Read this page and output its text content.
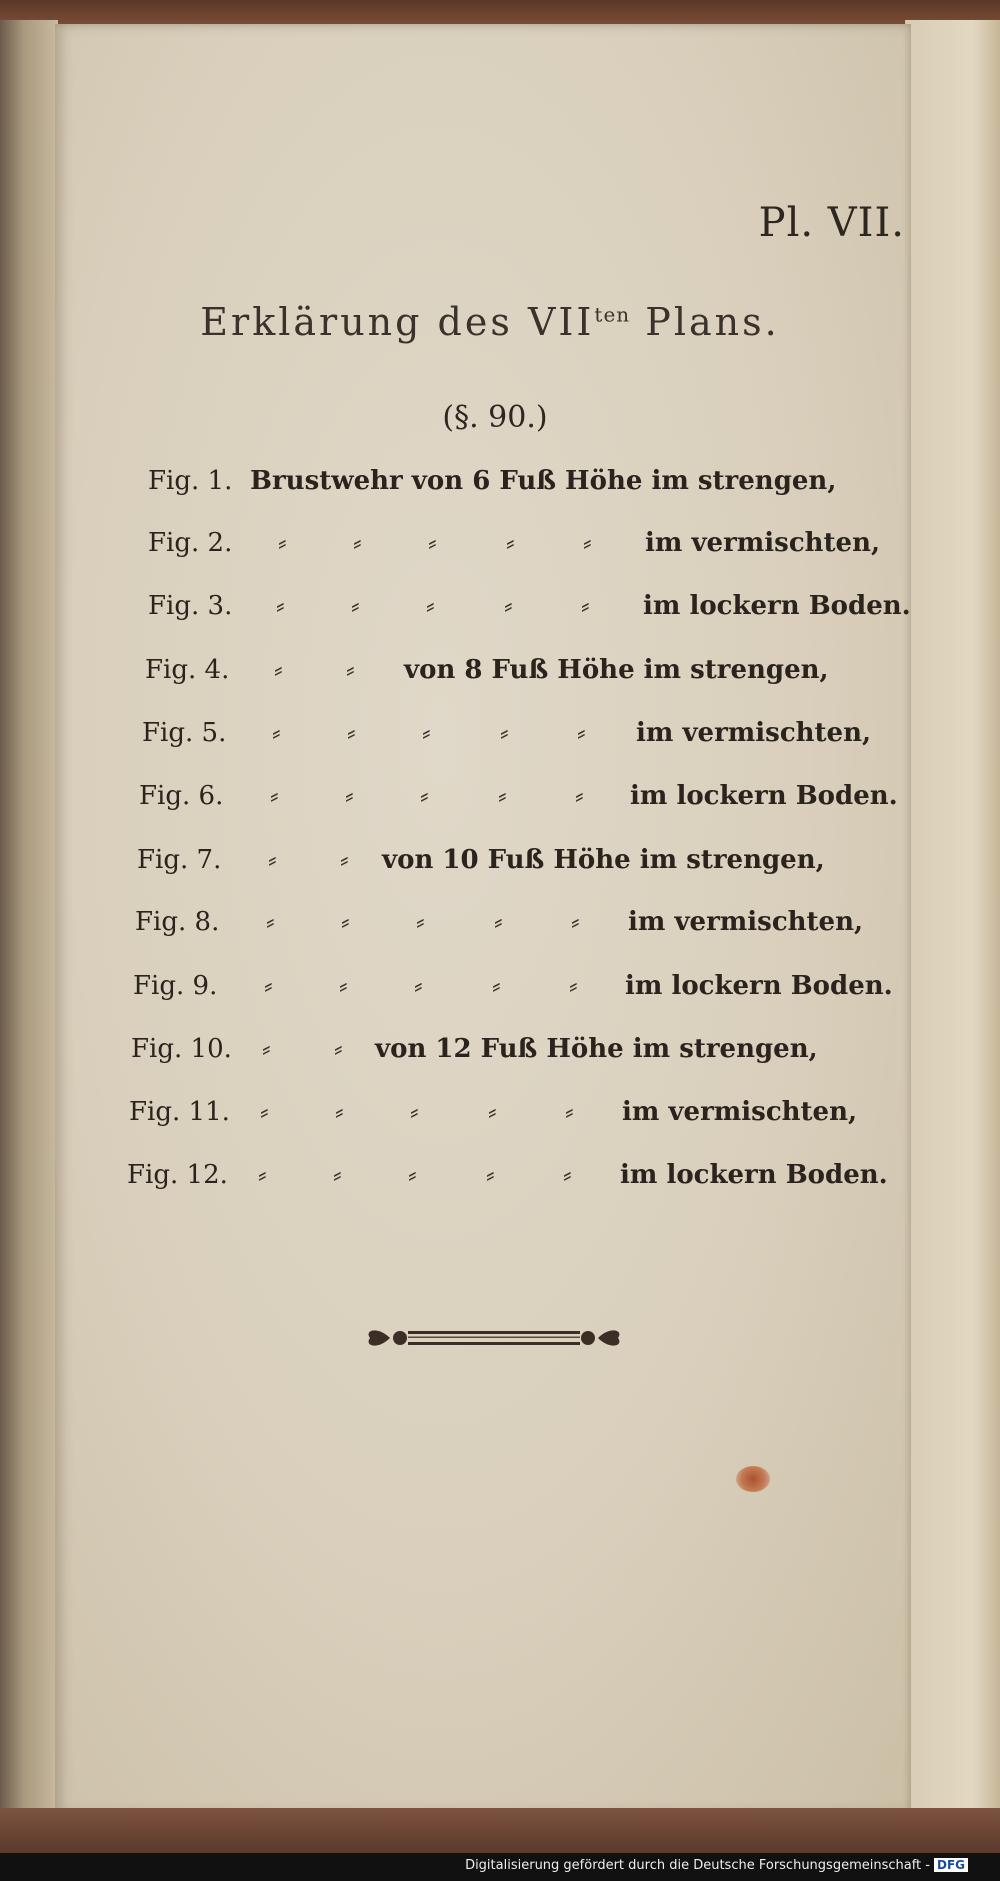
Pl. VII.
Erklärung des $VII^{ten}$ Plans.
(§. 90.)
Fig. 1. Brustwehr von 6 Fuß Höhe im strengen,
Fig. 2. ⸗	⸗	⸗	⸗	⸗ im vermischten,
Fig. 3. ⸗	⸗	⸗	⸗	⸗ im lockern Boden.
Fig. 4. ⸗ ⸗ von 8 Fuß Höhe im strengen,
Fig. 5. ⸗	⸗	⸗	⸗	⸗ im vermischten,
Fig. 6. ⸗	⸗	⸗	⸗	⸗ im lockern Boden.
Fig. 7. ⸗ ⸗ von 10 Fuß Höhe im strengen,
Fig. 8. ⸗	⸗	⸗	⸗	⸗ im vermischten,
Fig. 9. ⸗	⸗	⸗	⸗	⸗ im lockern Boden.
Fig. 10. ⸗ ⸗ von 12 Fuß Höhe im strengen,
Fig. 11. ⸗	⸗	⸗	⸗	⸗ im vermischten,
Fig. 12. ⸗	⸗	⸗	⸗	⸗ im lockern Boden.
Digitalisierung gefördert durch die Deutsche Forschungsgemeinschaft - DFG
